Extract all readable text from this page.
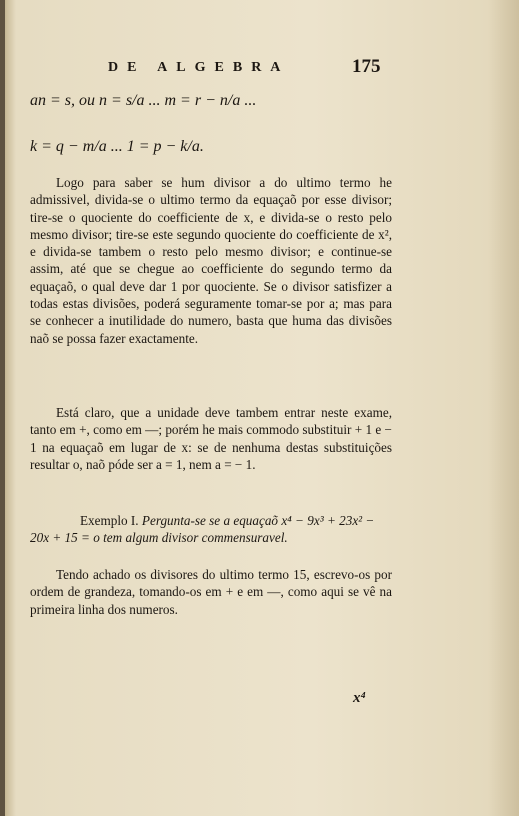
DE ALGEBRA	175
an = s, ou n = s/a ... m = r − n/a ...
k = q − m/a ... 1 = p − k/a.

Logo para saber se hum divisor a do ultimo termo he admissivel, divida-se o ultimo termo da equaçaõ por esse divisor; tire-se o quociente do coefficiente de x, e divida-se o resto pelo mesmo divisor; tire-se este segundo quociente do coefficiente de x², e divida-se tambem o resto pelo mesmo divisor; e continue-se assim, até que se chegue ao coefficiente do segundo termo da equaçaõ, o qual deve dar 1 por quociente. Se o divisor satisfizer a todas estas divisões, poderá seguramente tomar-se por a; mas para se conhecer a inutilidade do numero, basta que huma das divisões naõ se possa fazer exactamente.

Está claro, que a unidade deve tambem entrar neste exame, tanto em +, como em —; porém he mais commodo substituir + 1 e − 1 na equaçaõ em lugar de x: se de nenhuma destas substituições resultar o, naõ póde ser a = 1, nem a = − 1.

Exemplo I. Pergunta-se se a equaçaõ x⁴ − 9x³ + 23x² − 20x + 15 = o tem algum divisor commensuravel.

Tendo achado os divisores do ultimo termo 15, escrevo-os por ordem de grandeza, tomando-os em + e em —, como aqui se vê na primeira linha dos numeros.

x⁴
